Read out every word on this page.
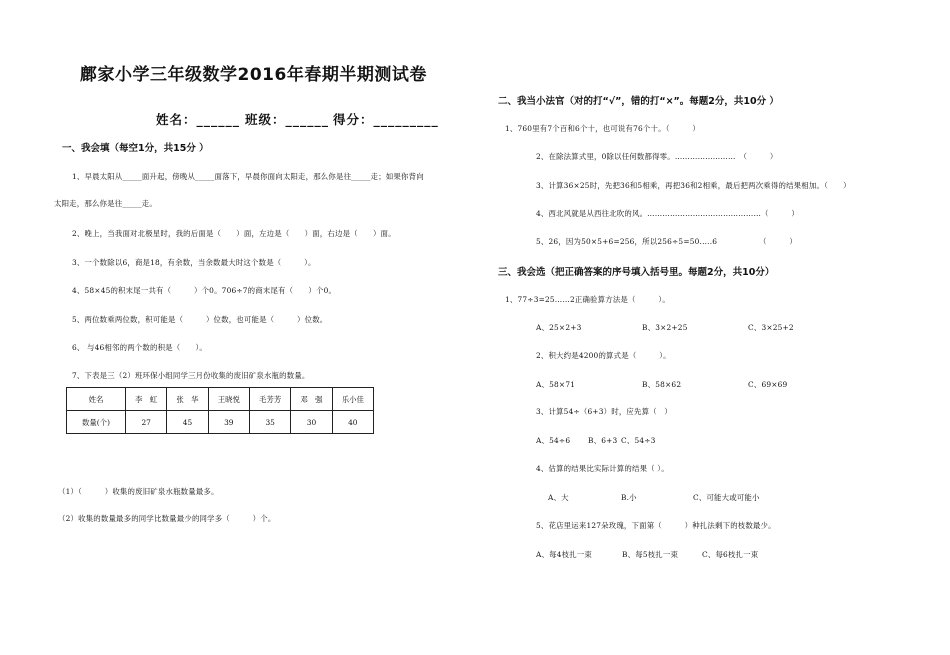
鄜家小学三年级数学2016年春期半期测试卷
姓名：______ 班级：______ 得分：_________
一、我会填（每空1分，共15分 ）
1、早晨太阳从_____面升起，傍晚从_____面落下，早晨你面向太阳走，那么你是往_____走；如果你背向
太阳走，那么你是往_____走。
2、晚上，当我面对北极星时，我的后面是（　　）面，左边是（　　）面，右边是（　　）面。
3、一个数除以6，商是18，有余数，当余数最大时这个数是（　　　）。
4、58×45的积末尾一共有（　　　）个0。706÷7的商末尾有（　　）个0。
5、两位数乘两位数，积可能是（　　　）位数，也可能是（　　　）位数。
6、 与46相邻的两个数的积是（　　）。
7、下表是三（2）班环保小组同学三月份收集的废旧矿泉水瓶的数量。
姓名	李　虹	张　华	王晓悦	毛芳芳	邓　强	乐小佳
数量(个)	27	45	39	35	30	40
（1）（　　　）收集的废旧矿泉水瓶数量最多。
（2）收集的数量最多的同学比数量最少的同学多（　　　）个。
二、我当小法官（对的打“√”，错的打“×”。每题2分，共10分 ）
1、760里有7个百和6个十，也可说有76个十。（　　　）
2、在除法算式里，0除以任何数都得零。……………………　（　　　）
3、计算36×25时，先把36和5相乘，再把36和2相乘，最后把两次乘得的结果相加。（　　）
4、西北风就是从西往北吹的风。………………………………………（　　　）
5、26，因为50×5+6=256，所以256÷5=50.....6　　　　　　（　　　）
三、我会选（把正确答案的序号填入括号里。每题2分，共10分）
1、77÷3=25……2正确验算方法是（　　　）。
A、25×2+3	B、3×2+25	C、3×25+2
2、积大约是4200的算式是（　　　）。
A、58×71	B、58×62	C、69×69
3、计算54÷（6+3）时，应先算（　）
A、54÷6 B、6+3 C、54÷3
4、估算的结果比实际计算的结果（ ）。
A、大	B.小	C、可能大或可能小
5、花店里运来127朵玫瑰，下面第（　　　）种扎法剩下的枝数最少。
A、每4枝扎一束	B、每5枝扎一束	C、每6枝扎一束
